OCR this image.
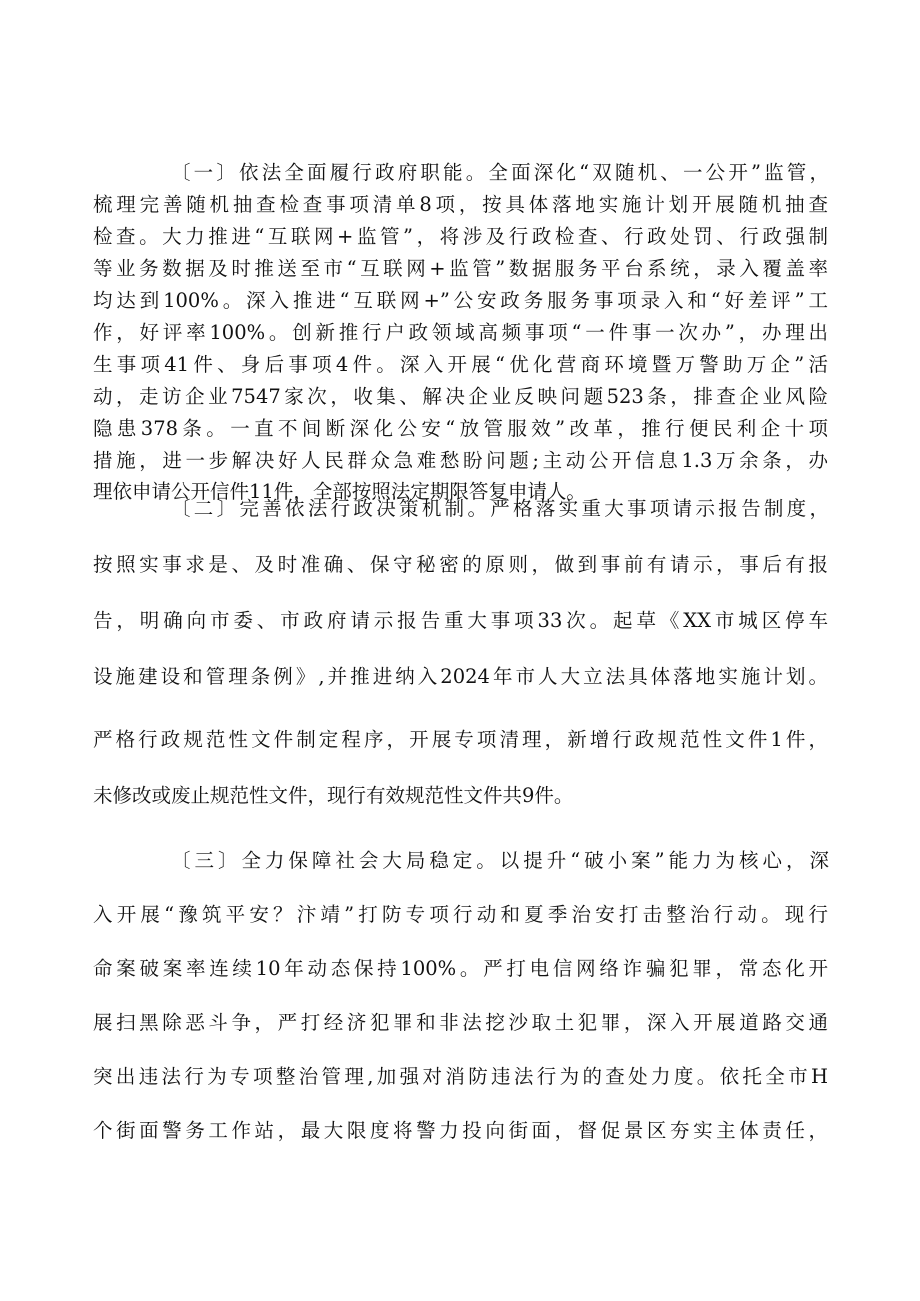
〔一〕依法全面履行政府职能。全面深化“双随机、一公开”监管，
梳理完善随机抽查检查事项清单8项，按具体落地实施计划开展随机抽查
检查。大力推进“互联网+监管”，将涉及行政检查、行政处罚、行政强制
等业务数据及时推送至市“互联网+监管”数据服务平台系统，录入覆盖率
均达到100%。深入推进“互联网+”公安政务服务事项录入和“好差评”工
作，好评率100%。创新推行户政领域高频事项“一件事一次办”，办理出
生事项41件、身后事项4件。深入开展“优化营商环境暨万警助万企”活
动，走访企业7547家次，收集、解决企业反映问题523条，排查企业风险
隐患378条。一直不间断深化公安“放管服效”改革，推行便民利企十项
措施，进一步解决好人民群众急难愁盼问题;主动公开信息1.3万余条，办
理依申请公开信件11件，全部按照法定期限答复申请人。
〔二〕完善依法行政决策机制。严格落实重大事项请示报告制度，
按照实事求是、及时准确、保守秘密的原则，做到事前有请示，事后有报
告，明确向市委、市政府请示报告重大事项33次。起草《XX市城区停车
设施建设和管理条例》,并推进纳入2024年市人大立法具体落地实施计划。
严格行政规范性文件制定程序，开展专项清理，新增行政规范性文件1件，
未修改或废止规范性文件，现行有效规范性文件共9件。
〔三〕全力保障社会大局稳定。以提升“破小案”能力为核心，深
入开展“豫筑平安？汴靖”打防专项行动和夏季治安打击整治行动。现行
命案破案率连续10年动态保持100%。严打电信网络诈骗犯罪，常态化开
展扫黑除恶斗争，严打经济犯罪和非法挖沙取土犯罪，深入开展道路交通
突出违法行为专项整治管理,加强对消防违法行为的查处力度。依托全市H
个街面警务工作站，最大限度将警力投向街面，督促景区夯实主体责任，
